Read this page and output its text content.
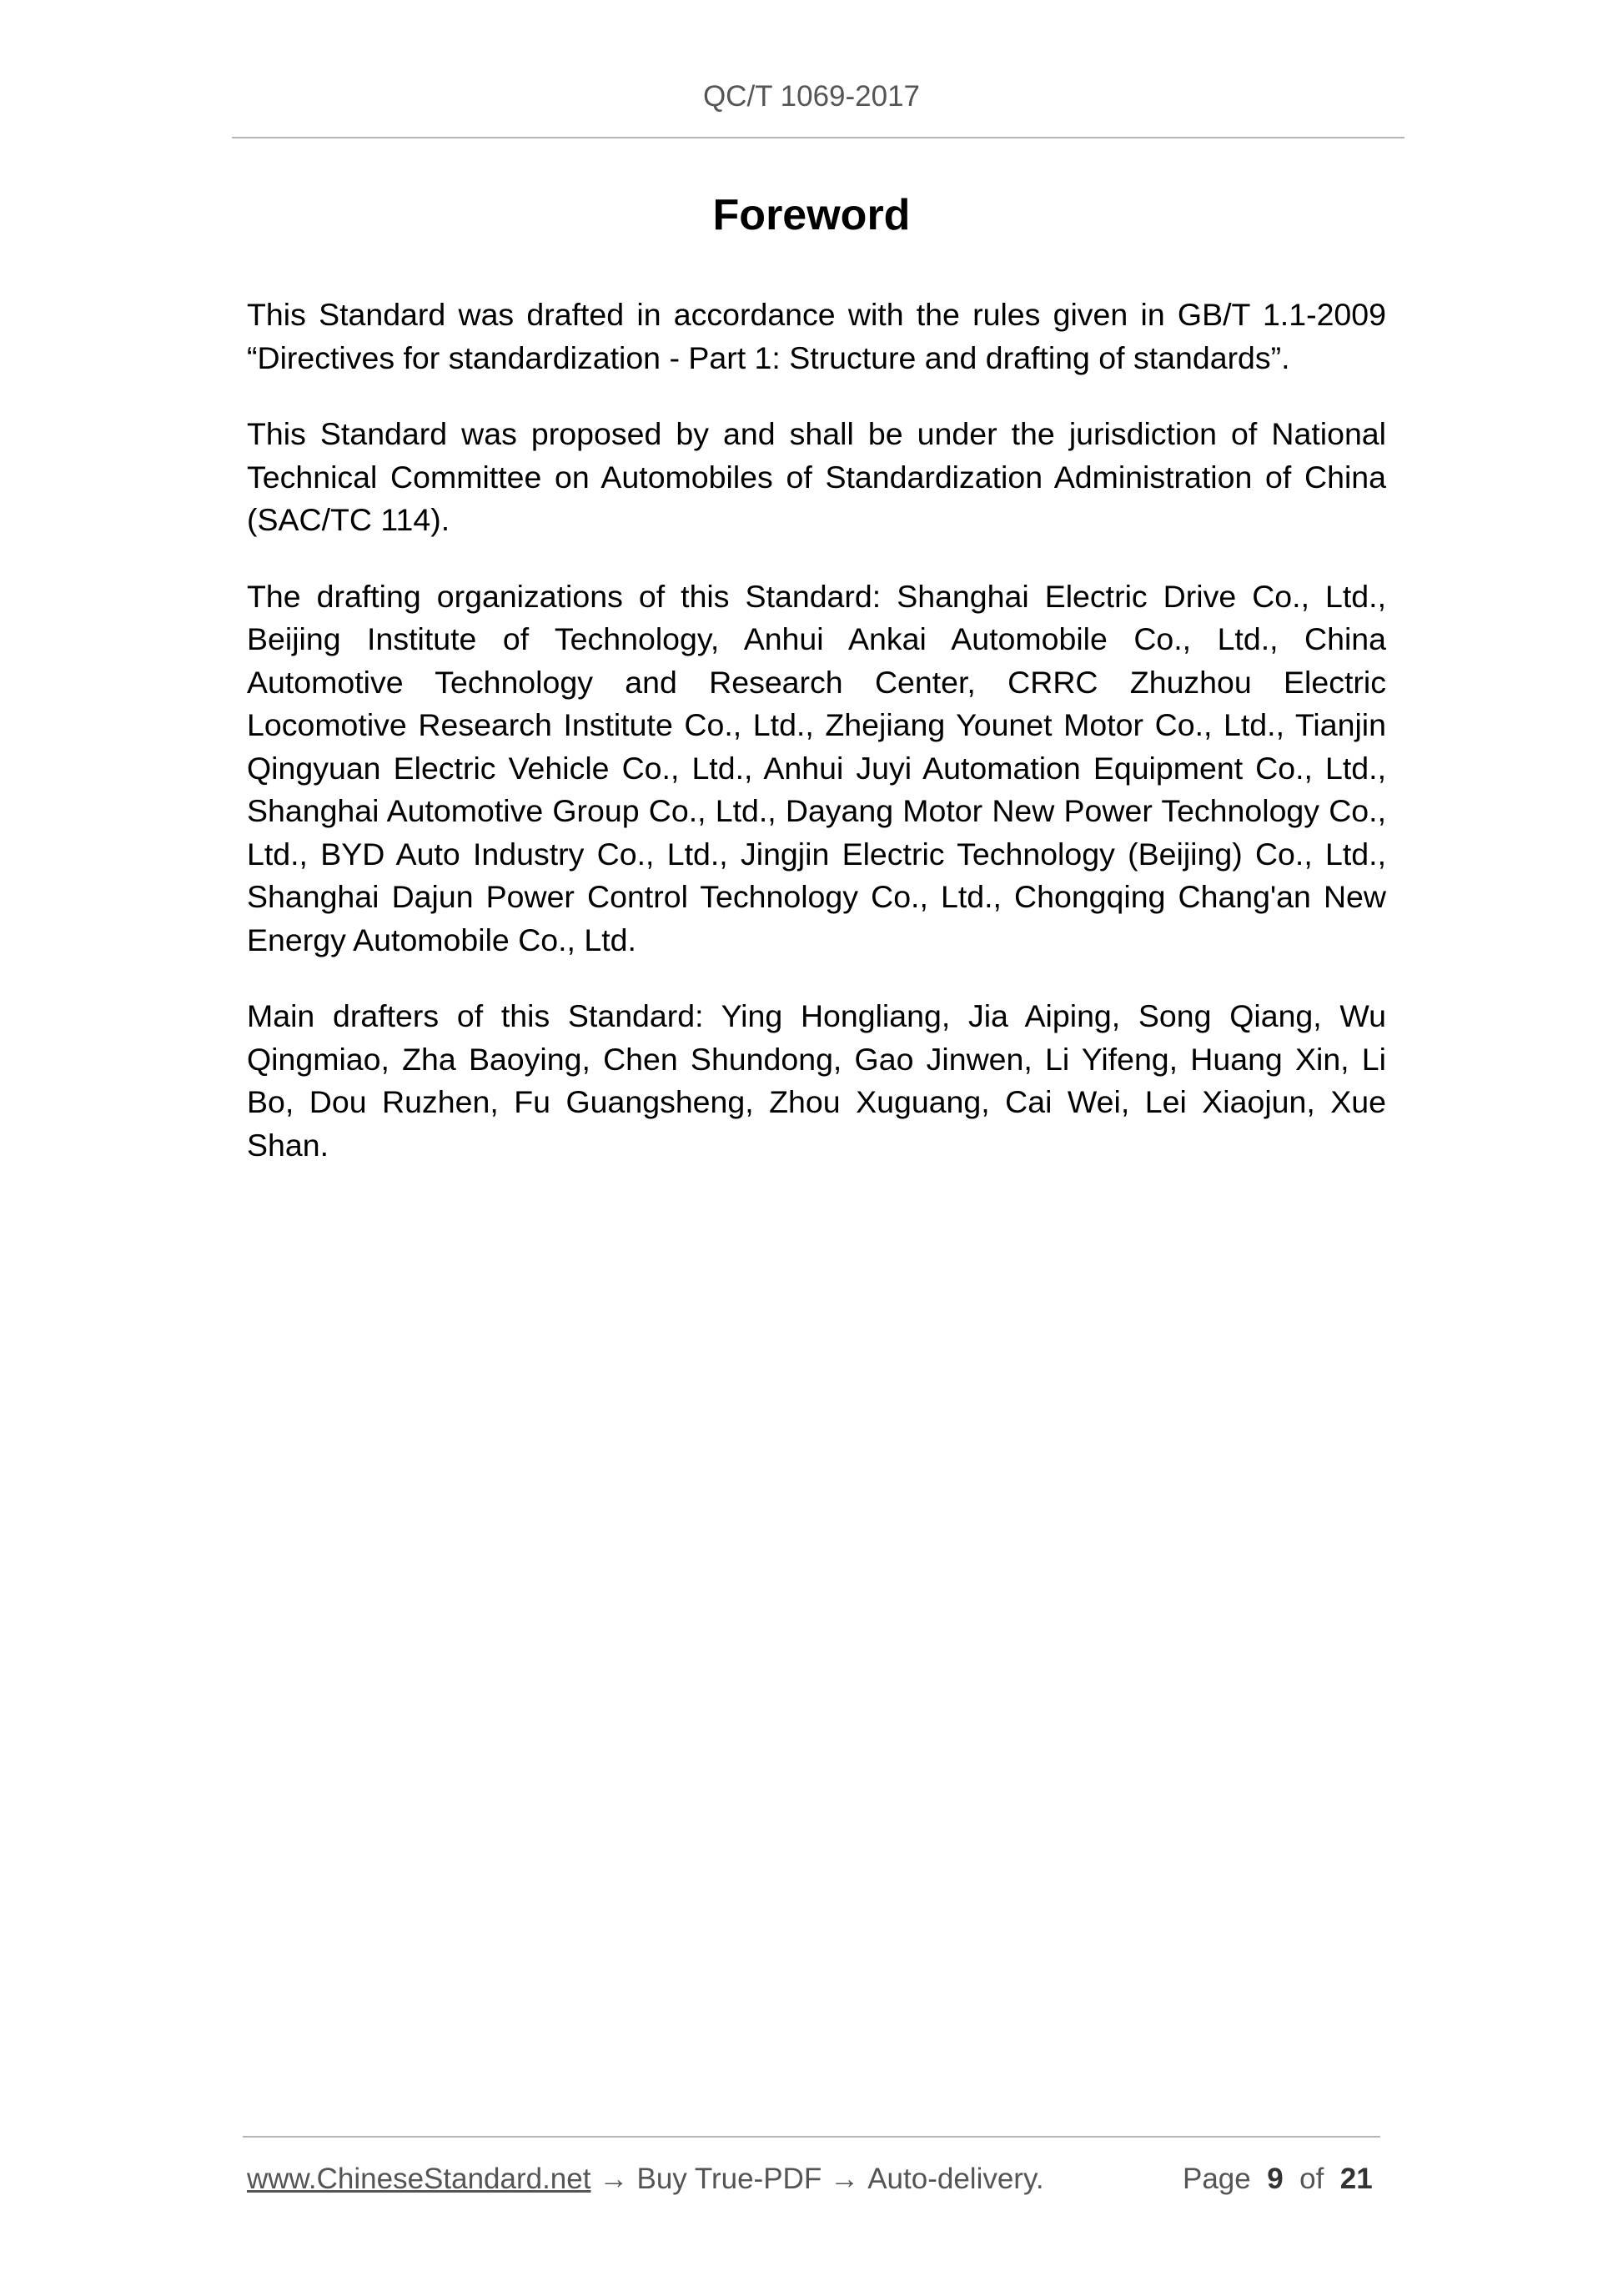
QC/T 1069-2017
Foreword

This Standard was drafted in accordance with the rules given in GB/T 1.1-2009 “Directives for standardization - Part 1: Structure and drafting of standards”.

This Standard was proposed by and shall be under the jurisdiction of National Technical Committee on Automobiles of Standardization Administration of China (SAC/TC 114).

The drafting organizations of this Standard: Shanghai Electric Drive Co., Ltd., Beijing Institute of Technology, Anhui Ankai Automobile Co., Ltd., China Automotive Technology and Research Center, CRRC Zhuzhou Electric Locomotive Research Institute Co., Ltd., Zhejiang Younet Motor Co., Ltd., Tianjin Qingyuan Electric Vehicle Co., Ltd., Anhui Juyi Automation Equipment Co., Ltd., Shanghai Automotive Group Co., Ltd., Dayang Motor New Power Technology Co., Ltd., BYD Auto Industry Co., Ltd., Jingjin Electric Technology (Beijing) Co., Ltd., Shanghai Dajun Power Control Technology Co., Ltd., Chongqing Chang'an New Energy Automobile Co., Ltd.

Main drafters of this Standard: Ying Hongliang, Jia Aiping, Song Qiang, Wu Qingmiao, Zha Baoying, Chen Shundong, Gao Jinwen, Li Yifeng, Huang Xin, Li Bo, Dou Ruzhen, Fu Guangsheng, Zhou Xuguang, Cai Wei, Lei Xiaojun, Xue Shan.

www.ChineseStandard.net → Buy True-PDF → Auto-delivery.	Page 9 of 21
